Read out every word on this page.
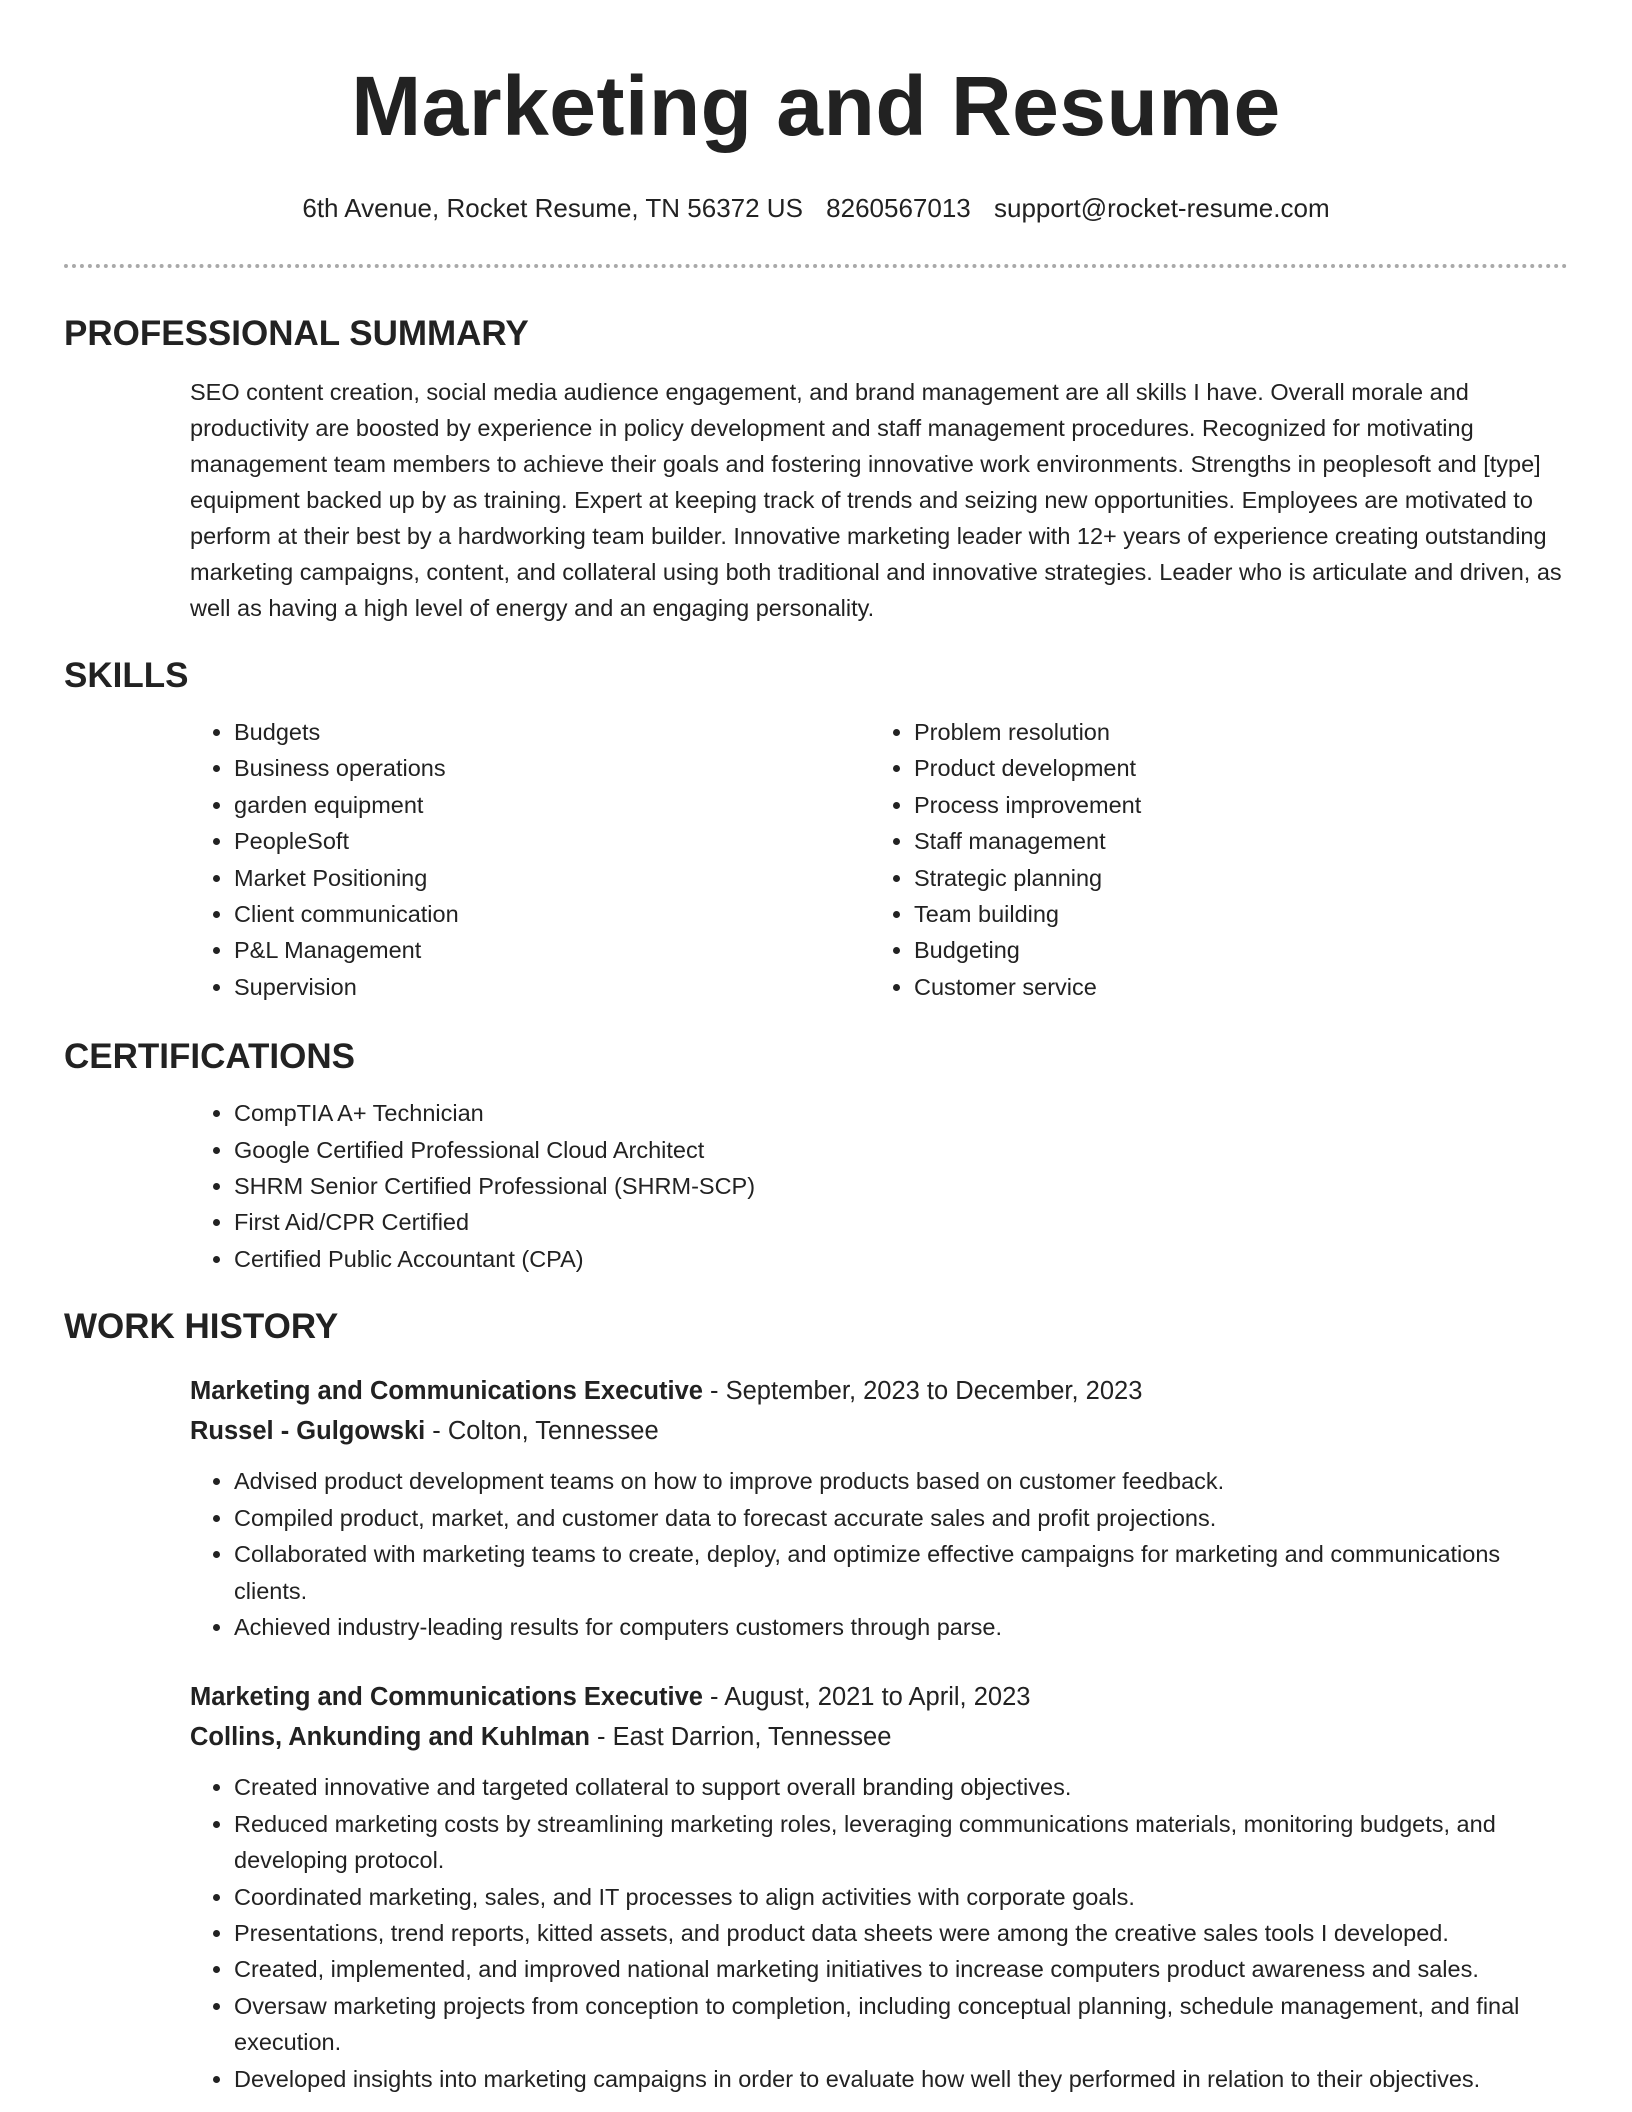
Marketing and Resume
6th Avenue, Rocket Resume, TN 56372 US 8260567013 support@rocket-resume.com
PROFESSIONAL SUMMARY

SEO content creation, social media audience engagement, and brand management are all skills I have. Overall morale and productivity are boosted by experience in policy development and staff management procedures. Recognized for motivating management team members to achieve their goals and fostering innovative work environments. Strengths in peoplesoft and [type] equipment backed up by as training. Expert at keeping track of trends and seizing new opportunities. Employees are motivated to perform at their best by a hardworking team builder. Innovative marketing leader with 12+ years of experience creating outstanding marketing campaigns, content, and collateral using both traditional and innovative strategies. Leader who is articulate and driven, as well as having a high level of energy and an engaging personality.

SKILLS
• Budgets
• Business operations
• garden equipment
• PeopleSoft
• Market Positioning
• Client communication
• P&L Management
• Supervision
• Problem resolution
• Product development
• Process improvement
• Staff management
• Strategic planning
• Team building
• Budgeting
• Customer service
CERTIFICATIONS
• CompTIA A+ Technician
• Google Certified Professional Cloud Architect
• SHRM Senior Certified Professional (SHRM-SCP)
• First Aid/CPR Certified
• Certified Public Accountant (CPA)
WORK HISTORY
Marketing and Communications Executive - September, 2023 to December, 2023
Russel - Gulgowski - Colton, Tennessee
• Advised product development teams on how to improve products based on customer feedback.
• Compiled product, market, and customer data to forecast accurate sales and profit projections.
• Collaborated with marketing teams to create, deploy, and optimize effective campaigns for marketing and communications clients.
• Achieved industry-leading results for computers customers through parse.
Marketing and Communications Executive - August, 2021 to April, 2023
Collins, Ankunding and Kuhlman - East Darrion, Tennessee
• Created innovative and targeted collateral to support overall branding objectives.
• Reduced marketing costs by streamlining marketing roles, leveraging communications materials, monitoring budgets, and developing protocol.
• Coordinated marketing, sales, and IT processes to align activities with corporate goals.
• Presentations, trend reports, kitted assets, and product data sheets were among the creative sales tools I developed.
• Created, implemented, and improved national marketing initiatives to increase computers product awareness and sales.
• Oversaw marketing projects from conception to completion, including conceptual planning, schedule management, and final execution.
• Developed insights into marketing campaigns in order to evaluate how well they performed in relation to their objectives.
